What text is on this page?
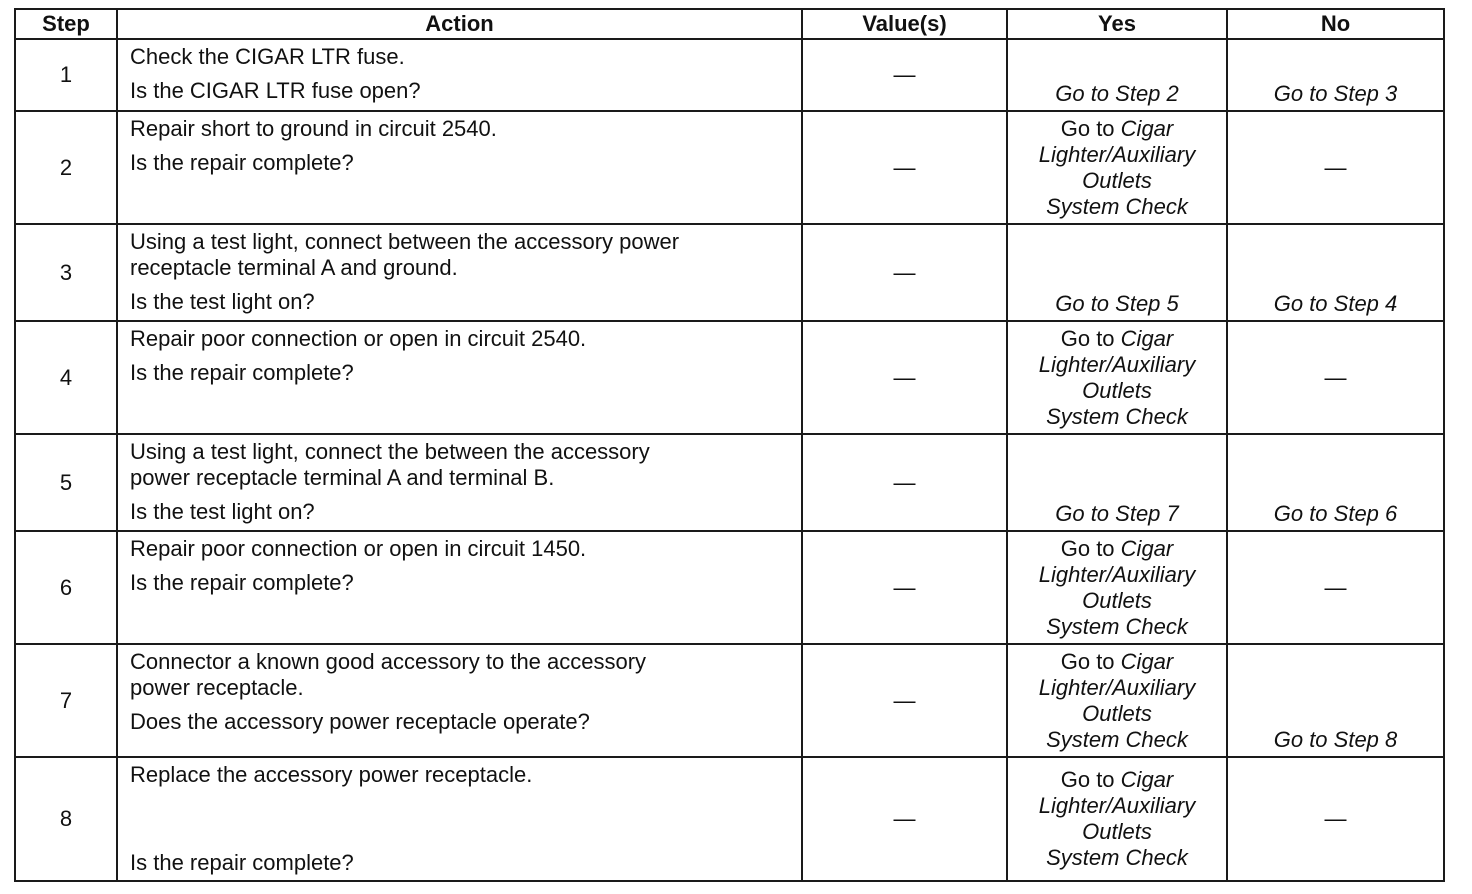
Step	Action	Value(s)	Yes	No
1	Check the CIGAR LTR fuse.
Is the CIGAR LTR fuse open?	—	Go to Step 2	Go to Step 3
2	Repair short to ground in circuit 2540.
Is the repair complete?	—	Go to Cigar
Lighter/Auxiliary
Outlets
System Check	—
3	Using a test light, connect between the accessory power
receptacle terminal A and ground.
Is the test light on?	—	Go to Step 5	Go to Step 4
4	Repair poor connection or open in circuit 2540.
Is the repair complete?	—	Go to Cigar
Lighter/Auxiliary
Outlets
System Check	—
5	Using a test light, connect the between the accessory
power receptacle terminal A and terminal B.
Is the test light on?	—	Go to Step 7	Go to Step 6
6	Repair poor connection or open in circuit 1450.
Is the repair complete?	—	Go to Cigar
Lighter/Auxiliary
Outlets
System Check	—
7	Connector a known good accessory to the accessory
power receptacle.
Does the accessory power receptacle operate?	—	Go to Cigar
Lighter/Auxiliary
Outlets
System Check	Go to Step 8
8	Replace the accessory power receptacle.
Is the repair complete?	—	Go to Cigar
Lighter/Auxiliary
Outlets
System Check	—
